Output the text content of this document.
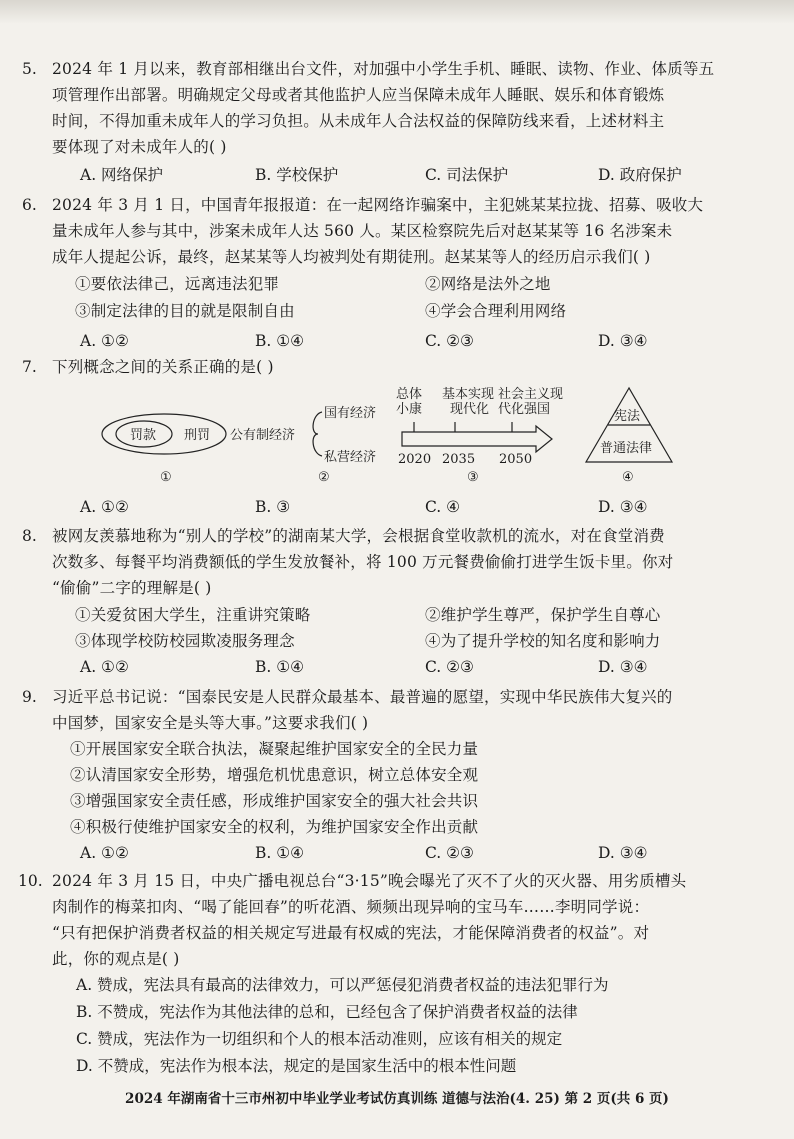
5. 2024 年 1 月以来，教育部相继出台文件，对加强中小学生手机、睡眠、读物、作业、体质等五
项管理作出部署。明确规定父母或者其他监护人应当保障未成年人睡眠、娱乐和体育锻炼
时间，不得加重未成年人的学习负担。从未成年人合法权益的保障防线来看，上述材料主
要体现了对未成年人的( )
A. 网络保护	B. 学校保护	C. 司法保护	D. 政府保护
6. 2024 年 3 月 1 日，中国青年报报道：在一起网络诈骗案中，主犯姚某某拉拢、招募、吸收大
量未成年人参与其中，涉案未成年人达 560 人。某区检察院先后对赵某某等 16 名涉案未
成年人提起公诉，最终，赵某某等人均被判处有期徒刑。赵某某等人的经历启示我们( )
①要依法律己，远离违法犯罪	②网络是法外之地
③制定法律的目的就是限制自由	④学会合理利用网络
A. ①②	B. ①④	C. ②③	D. ③④
7. 下列概念之间的关系正确的是( )
罚款 刑罚
①
公有制经济
国有经济
私营经济
②
总体
小康
基本实现
现代化
社会主义现
代化强国
2020 2035 2050
③
宪法
普通法律
④
A. ①②	B. ③	C. ④	D. ③④
8. 被网友羡慕地称为“别人的学校”的湖南某大学，会根据食堂收款机的流水，对在食堂消费
次数多、每餐平均消费额低的学生发放餐补，将 100 万元餐费偷偷打进学生饭卡里。你对
“偷偷”二字的理解是( )
①关爱贫困大学生，注重讲究策略	②维护学生尊严，保护学生自尊心
③体现学校防校园欺凌服务理念	④为了提升学校的知名度和影响力
A. ①②	B. ①④	C. ②③	D. ③④
9. 习近平总书记说：“国泰民安是人民群众最基本、最普遍的愿望，实现中华民族伟大复兴的
中国梦，国家安全是头等大事。”这要求我们( )
①开展国家安全联合执法，凝聚起维护国家安全的全民力量
②认清国家安全形势，增强危机忧患意识，树立总体安全观
③增强国家安全责任感，形成维护国家安全的强大社会共识
④积极行使维护国家安全的权利，为维护国家安全作出贡献
A. ①②	B. ①④	C. ②③	D. ③④
10. 2024 年 3 月 15 日，中央广播电视总台“3·15”晚会曝光了灭不了火的灭火器、用劣质槽头
肉制作的梅菜扣肉、“喝了能回春”的听花酒、频频出现异响的宝马车……李明同学说：
“只有把保护消费者权益的相关规定写进最有权威的宪法，才能保障消费者的权益”。对
此，你的观点是( )
A. 赞成，宪法具有最高的法律效力，可以严惩侵犯消费者权益的违法犯罪行为
B. 不赞成，宪法作为其他法律的总和，已经包含了保护消费者权益的法律
C. 赞成，宪法作为一切组织和个人的根本活动准则，应该有相关的规定
D. 不赞成，宪法作为根本法，规定的是国家生活中的根本性问题
2024 年湖南省十三市州初中毕业学业考试仿真训练 道德与法治(4. 25) 第 2 页(共 6 页)
